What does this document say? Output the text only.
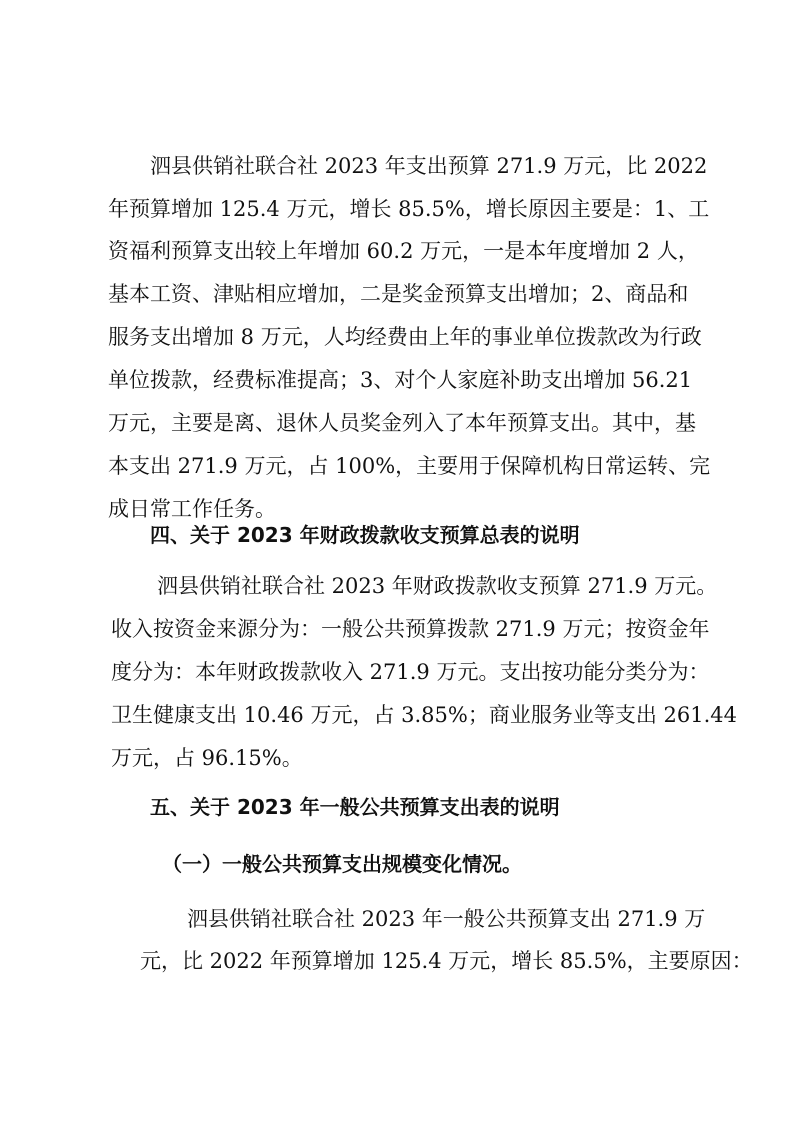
泗县供销社联合社 2023 年支出预算 271.9 万元，比 2022
年预算增加 125.4 万元，增长 85.5%，增长原因主要是：1、工
资福利预算支出较上年增加 60.2 万元，一是本年度增加 2 人，
基本工资、津贴相应增加，二是奖金预算支出增加；2、商品和
服务支出增加 8 万元，人均经费由上年的事业单位拨款改为行政
单位拨款，经费标准提高；3、对个人家庭补助支出增加 56.21
万元，主要是离、退休人员奖金列入了本年预算支出。其中，基
本支出 271.9 万元，占 100%，主要用于保障机构日常运转、完
成日常工作任务。
四、关于 2023 年财政拨款收支预算总表的说明
泗县供销社联合社 2023 年财政拨款收支预算 271.9 万元。
收入按资金来源分为：一般公共预算拨款 271.9 万元；按资金年
度分为：本年财政拨款收入 271.9 万元。支出按功能分类分为：
卫生健康支出 10.46 万元，占 3.85%；商业服务业等支出 261.44
万元，占 96.15%。
五、关于 2023 年一般公共预算支出表的说明
（一）一般公共预算支出规模变化情况。
泗县供销社联合社 2023 年一般公共预算支出 271.9 万
元，比 2022 年预算增加 125.4 万元，增长 85.5%，主要原因：
